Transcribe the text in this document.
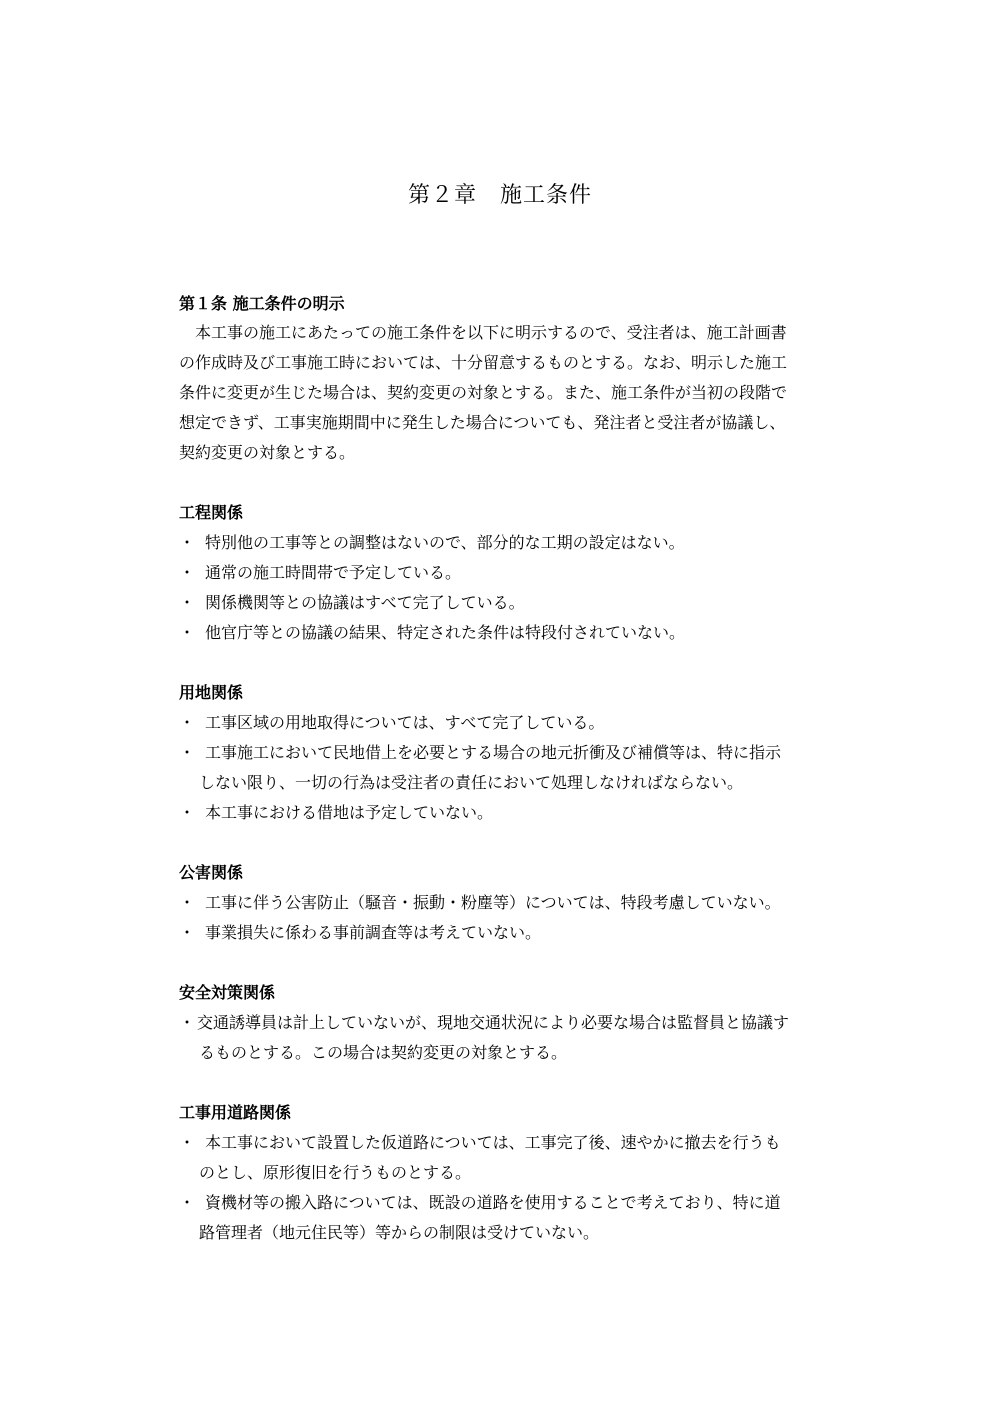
第２章　施工条件
第１条 施工条件の明示
　本工事の施工にあたっての施工条件を以下に明示するので、受注者は、施工計画書
の作成時及び工事施工時においては、十分留意するものとする。なお、明示した施工
条件に変更が生じた場合は、契約変更の対象とする。また、施工条件が当初の段階で
想定できず、工事実施期間中に発生した場合についても、発注者と受注者が協議し、
契約変更の対象とする。
工程関係
・ 特別他の工事等との調整はないので、部分的な工期の設定はない。
・ 通常の施工時間帯で予定している。
・ 関係機関等との協議はすべて完了している。
・ 他官庁等との協議の結果、特定された条件は特段付されていない。
用地関係
・ 工事区域の用地取得については、すべて完了している。
・ 工事施工において民地借上を必要とする場合の地元折衝及び補償等は、特に指示
しない限り、一切の行為は受注者の責任において処理しなければならない。
・ 本工事における借地は予定していない。
公害関係
・ 工事に伴う公害防止（騒音・振動・粉塵等）については、特段考慮していない。
・ 事業損失に係わる事前調査等は考えていない。
安全対策関係
・ 交通誘導員は計上していないが、現地交通状況により必要な場合は監督員と協議す
るものとする。この場合は契約変更の対象とする。
工事用道路関係
・ 本工事において設置した仮道路については、工事完了後、速やかに撤去を行うも
のとし、原形復旧を行うものとする。
・ 資機材等の搬入路については、既設の道路を使用することで考えており、特に道
路管理者（地元住民等）等からの制限は受けていない。
